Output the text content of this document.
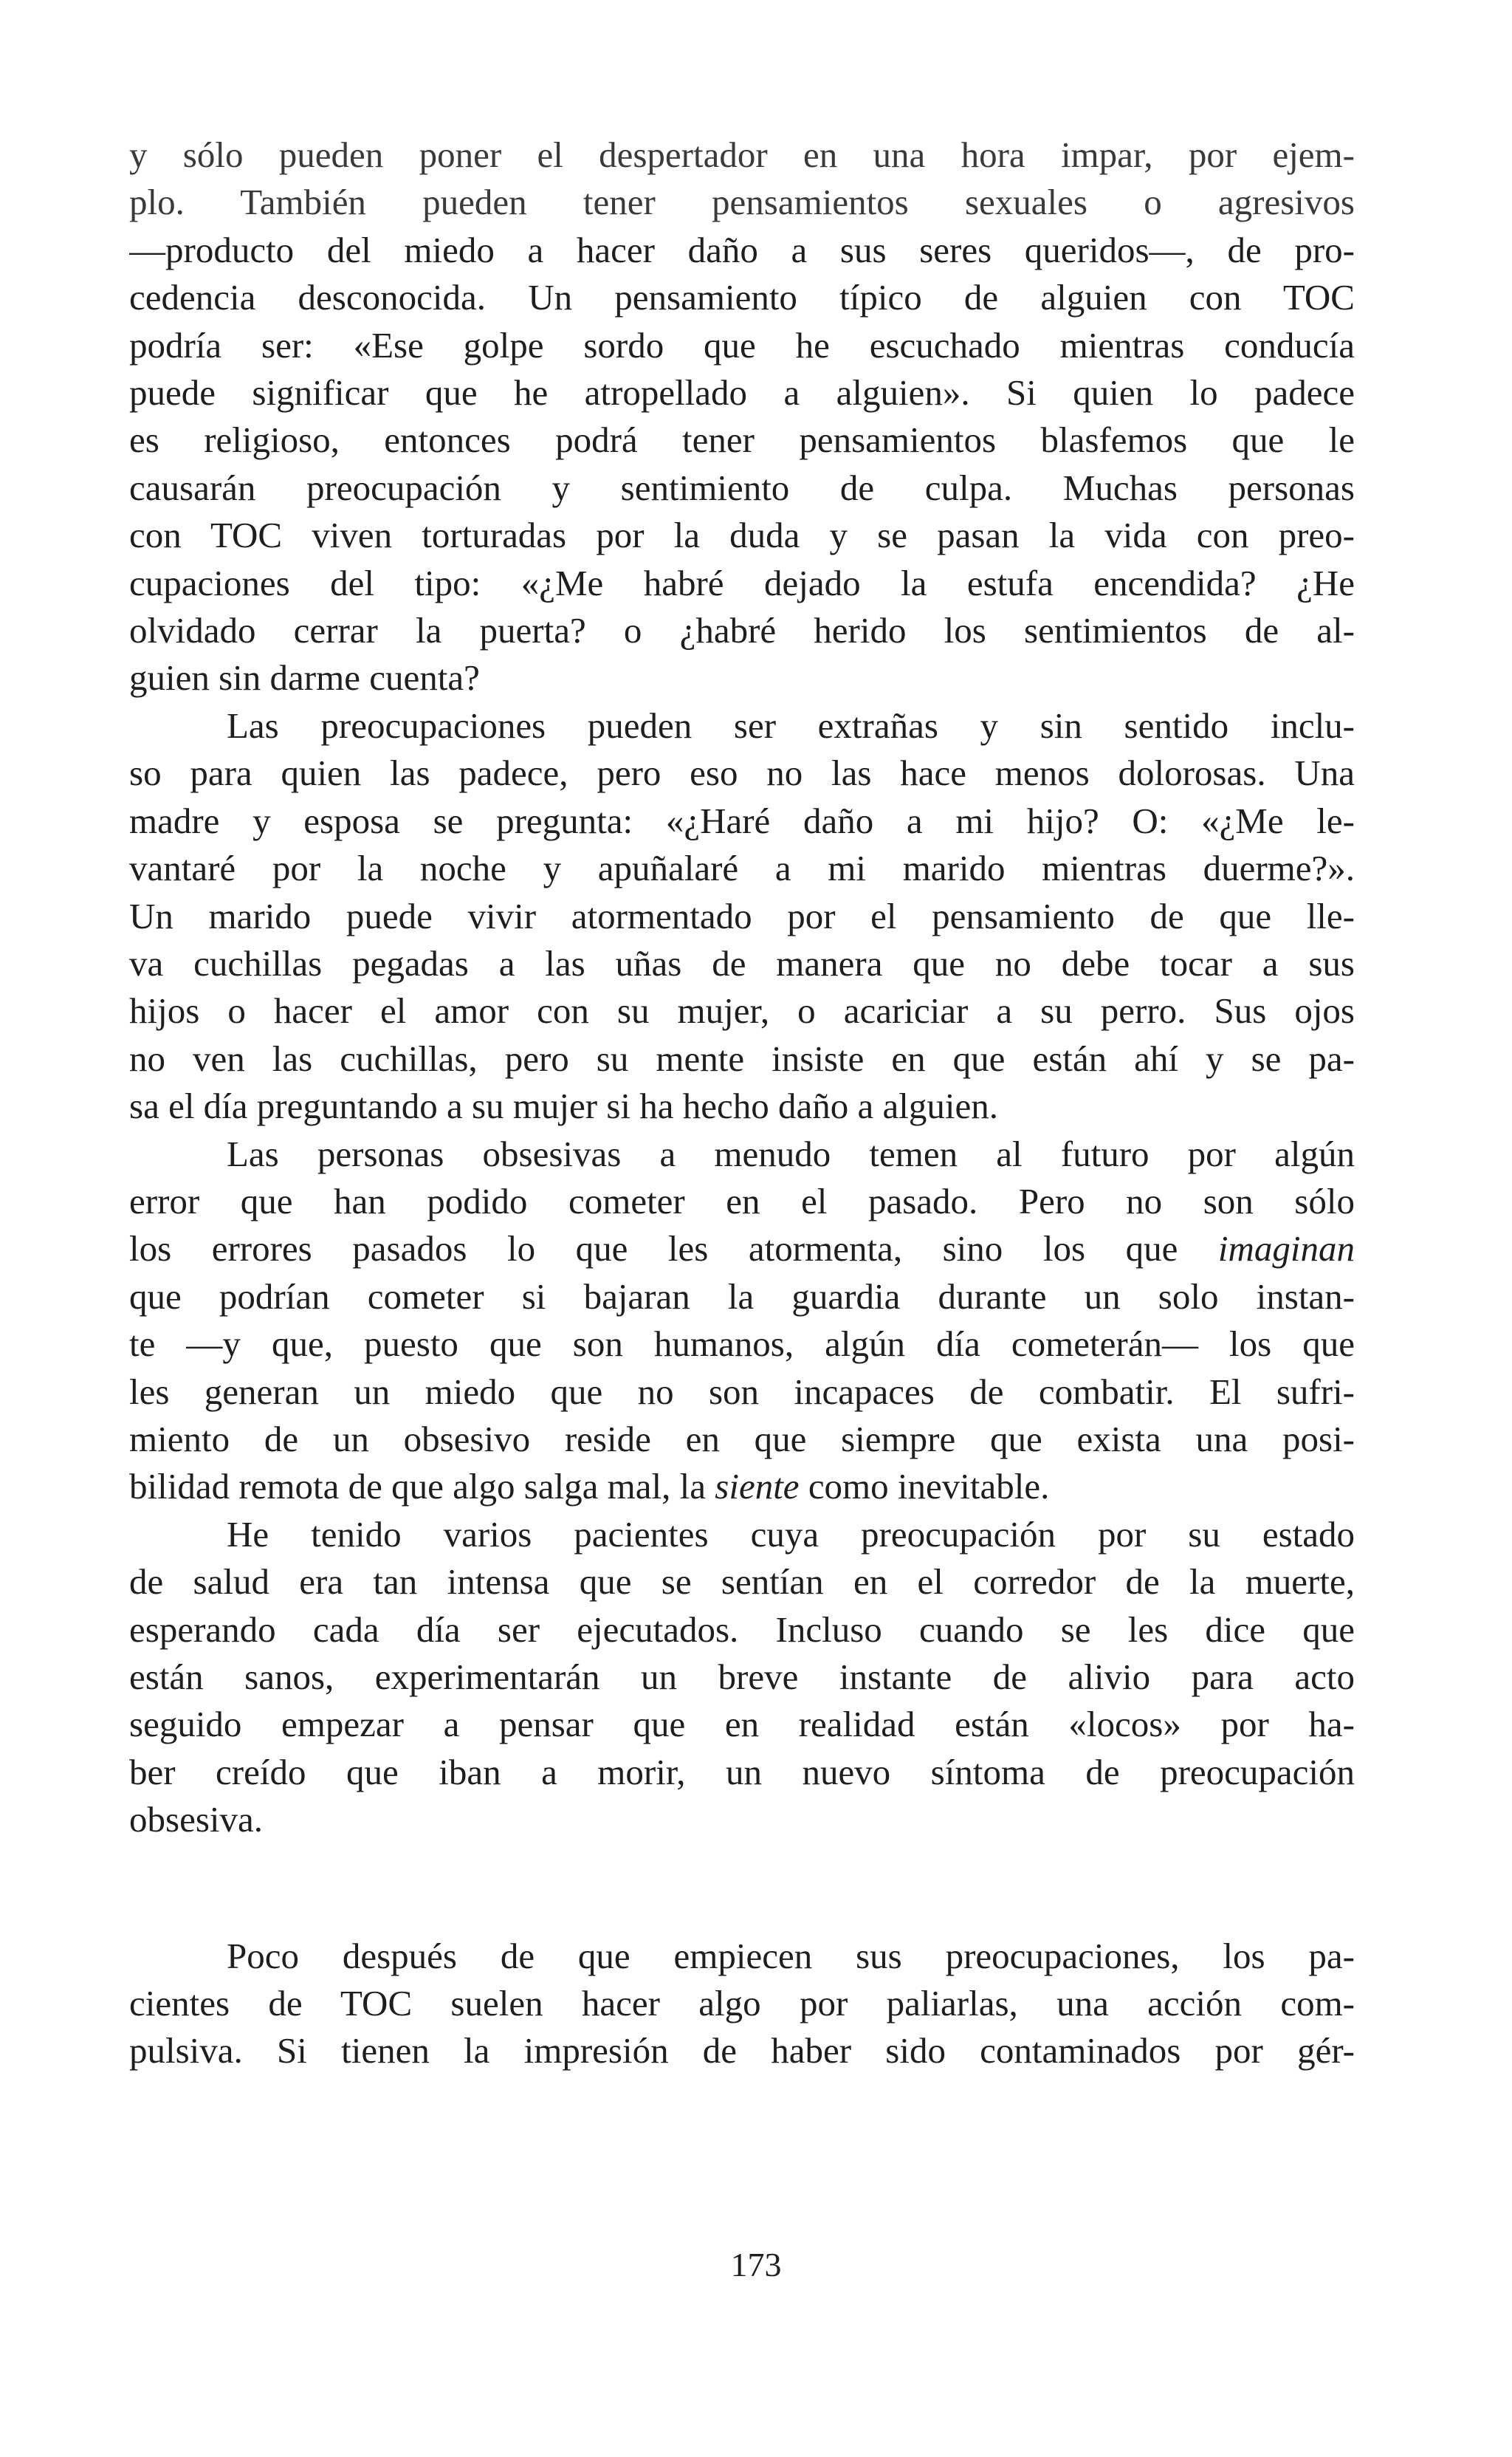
y sólo pueden poner el despertador en una hora impar, por ejem-
plo. También pueden tener pensamientos sexuales o agresivos
—producto del miedo a hacer daño a sus seres queridos—, de pro-
cedencia desconocida. Un pensamiento típico de alguien con TOC
podría ser: «Ese golpe sordo que he escuchado mientras conducía
puede significar que he atropellado a alguien». Si quien lo padece
es religioso, entonces podrá tener pensamientos blasfemos que le
causarán preocupación y sentimiento de culpa. Muchas personas
con TOC viven torturadas por la duda y se pasan la vida con preo-
cupaciones del tipo: «¿Me habré dejado la estufa encendida? ¿He
olvidado cerrar la puerta? o ¿habré herido los sentimientos de al-
guien sin darme cuenta?

Las preocupaciones pueden ser extrañas y sin sentido inclu-
so para quien las padece, pero eso no las hace menos dolorosas. Una
madre y esposa se pregunta: «¿Haré daño a mi hijo? O: «¿Me le-
vantaré por la noche y apuñalaré a mi marido mientras duerme?».
Un marido puede vivir atormentado por el pensamiento de que lle-
va cuchillas pegadas a las uñas de manera que no debe tocar a sus
hijos o hacer el amor con su mujer, o acariciar a su perro. Sus ojos
no ven las cuchillas, pero su mente insiste en que están ahí y se pa-
sa el día preguntando a su mujer si ha hecho daño a alguien.

Las personas obsesivas a menudo temen al futuro por algún
error que han podido cometer en el pasado. Pero no son sólo
los errores pasados lo que les atormenta, sino los que imaginan
que podrían cometer si bajaran la guardia durante un solo instan-
te —y que, puesto que son humanos, algún día cometerán— los que
les generan un miedo que no son incapaces de combatir. El sufri-
miento de un obsesivo reside en que siempre que exista una posi-
bilidad remota de que algo salga mal, la siente como inevitable.

He tenido varios pacientes cuya preocupación por su estado
de salud era tan intensa que se sentían en el corredor de la muerte,
esperando cada día ser ejecutados. Incluso cuando se les dice que
están sanos, experimentarán un breve instante de alivio para acto
seguido empezar a pensar que en realidad están «locos» por ha-
ber creído que iban a morir, un nuevo síntoma de preocupación
obsesiva.

Poco después de que empiecen sus preocupaciones, los pa-
cientes de TOC suelen hacer algo por paliarlas, una acción com-
pulsiva. Si tienen la impresión de haber sido contaminados por gér-

173
